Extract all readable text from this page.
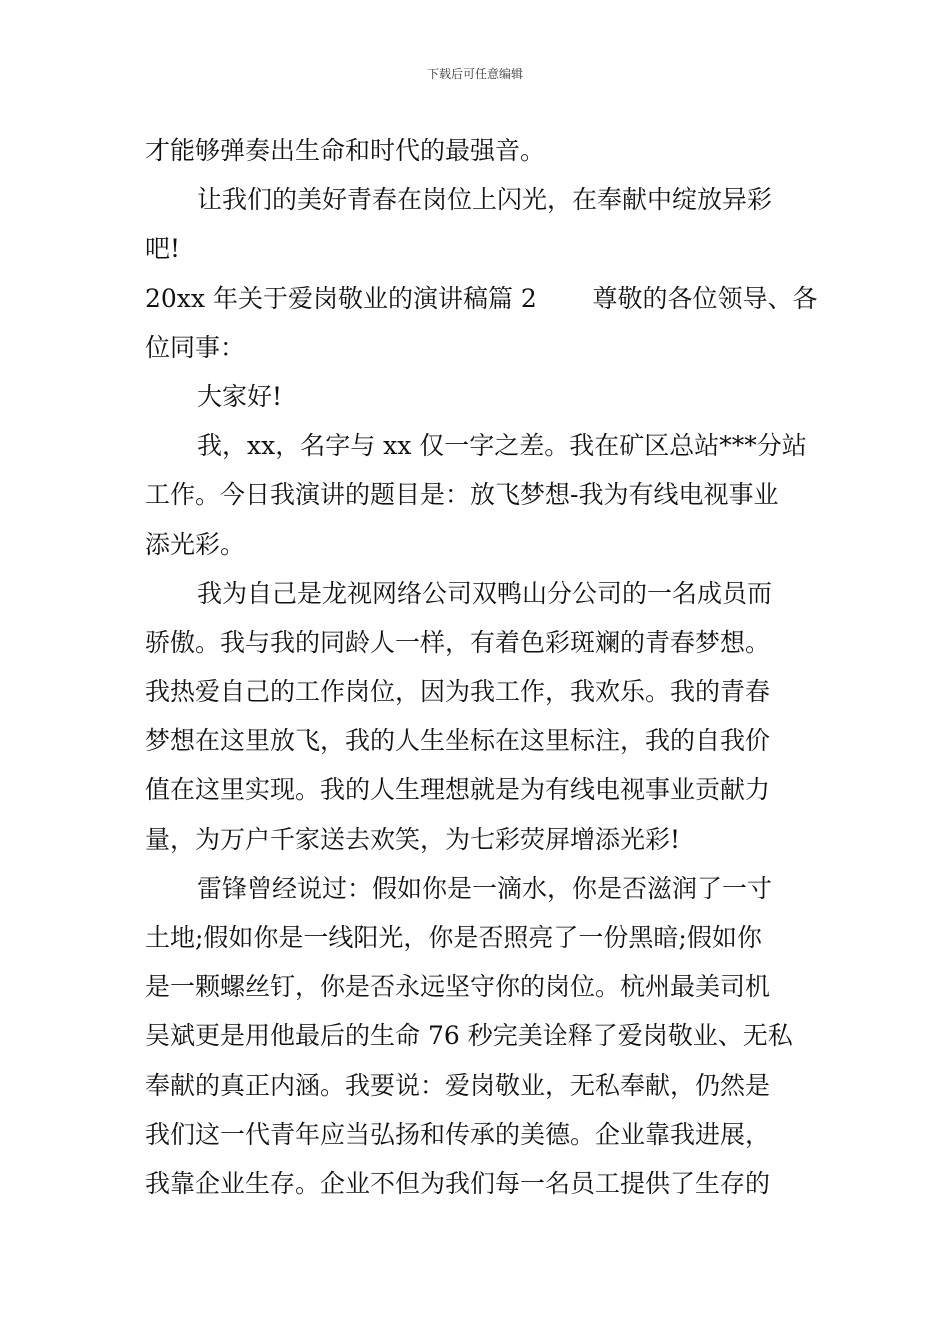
下载后可任意编辑
才能够弹奏出生命和时代的最强音。
让我们的美好青春在岗位上闪光，在奉献中绽放异彩
吧!
20xx 年关于爱岗敬业的演讲稿篇 2       尊敬的各位领导、各
位同事：
大家好!
我，xx，名字与 xx 仅一字之差。我在矿区总站***分站
工作。今日我演讲的题目是：放飞梦想-我为有线电视事业
添光彩。
我为自己是龙视网络公司双鸭山分公司的一名成员而
骄傲。我与我的同龄人一样，有着色彩斑斓的青春梦想。
我热爱自己的工作岗位，因为我工作，我欢乐。我的青春
梦想在这里放飞，我的人生坐标在这里标注，我的自我价
值在这里实现。我的人生理想就是为有线电视事业贡献力
量，为万户千家送去欢笑，为七彩荧屏增添光彩!
雷锋曾经说过：假如你是一滴水，你是否滋润了一寸
土地;假如你是一线阳光，你是否照亮了一份黑暗;假如你
是一颗螺丝钉，你是否永远坚守你的岗位。杭州最美司机
吴斌更是用他最后的生命 76 秒完美诠释了爱岗敬业、无私
奉献的真正内涵。我要说：爱岗敬业，无私奉献，仍然是
我们这一代青年应当弘扬和传承的美德。企业靠我进展，
我靠企业生存。企业不但为我们每一名员工提供了生存的
